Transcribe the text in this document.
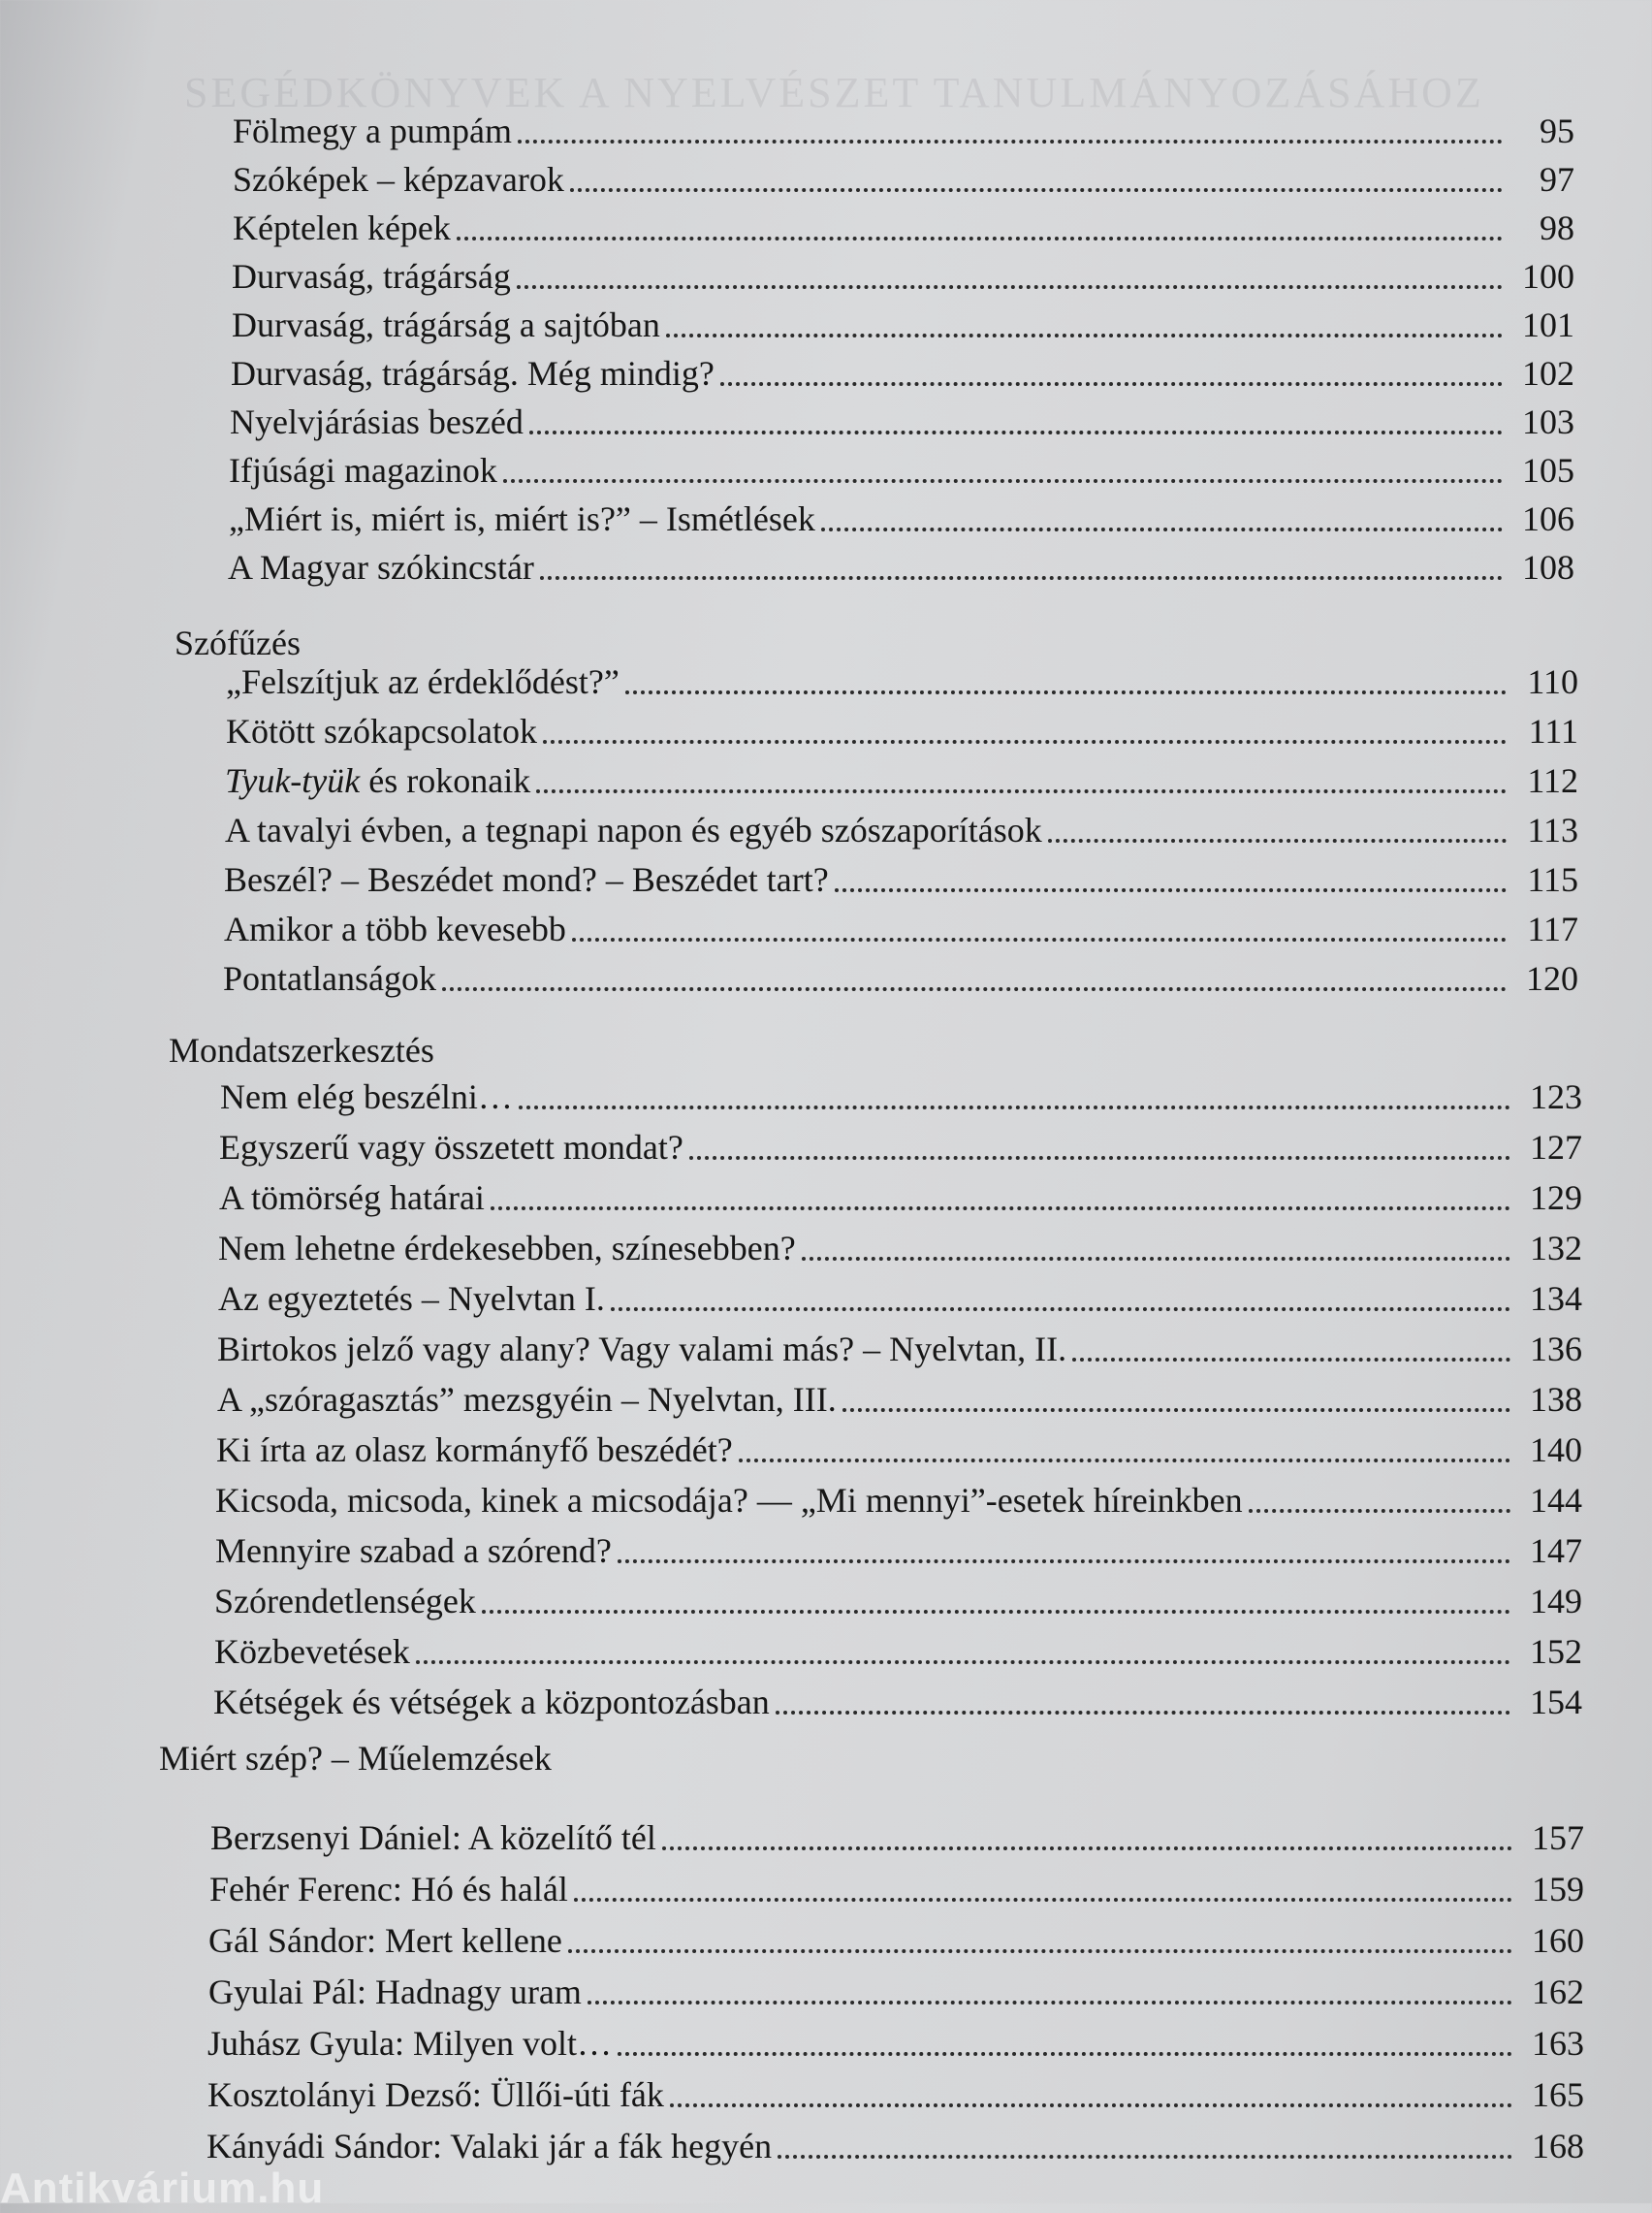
SEGÉDKÖNYVEK A NYELVÉSZET TANULMÁNYOZÁSÁHOZ
Fölmegy a pumpám	95
Szóképek – képzavarok	97
Képtelen képek	98
Durvaság, trágárság	100
Durvaság, trágárság a sajtóban	101
Durvaság, trágárság. Még mindig?	102
Nyelvjárásias beszéd	103
Ifjúsági magazinok	105
„Miért is, miért is, miért is?” – Ismétlések	106
A Magyar szókincstár	108
Szófűzés
„Felszítjuk az érdeklődést?”	110
Kötött szókapcsolatok	111
Tyuk-tyük és rokonaik	112
A tavalyi évben, a tegnapi napon és egyéb szószaporítások	113
Beszél? – Beszédet mond? – Beszédet tart?	115
Amikor a több kevesebb	117
Pontatlanságok	120
Mondatszerkesztés
Nem elég beszélni…	123
Egyszerű vagy összetett mondat?	127
A tömörség határai	129
Nem lehetne érdekesebben, színesebben?	132
Az egyeztetés – Nyelvtan I.	134
Birtokos jelző vagy alany? Vagy valami más? – Nyelvtan, II.	136
A „szóragasztás” mezsgyéin – Nyelvtan, III.	138
Ki írta az olasz kormányfő beszédét?	140
Kicsoda, micsoda, kinek a micsodája? — „Mi mennyi”-esetek híreinkben	144
Mennyire szabad a szórend?	147
Szórendetlenségek	149
Közbevetések	152
Kétségek és vétségek a központozásban	154
Miért szép? – Műelemzések
Berzsenyi Dániel: A közelítő tél	157
Fehér Ferenc: Hó és halál	159
Gál Sándor: Mert kellene	160
Gyulai Pál: Hadnagy uram	162
Juhász Gyula: Milyen volt…	163
Kosztolányi Dezső: Üllői-úti fák	165
Kányádi Sándor: Valaki jár a fák hegyén	168
Antikvárium.hu
